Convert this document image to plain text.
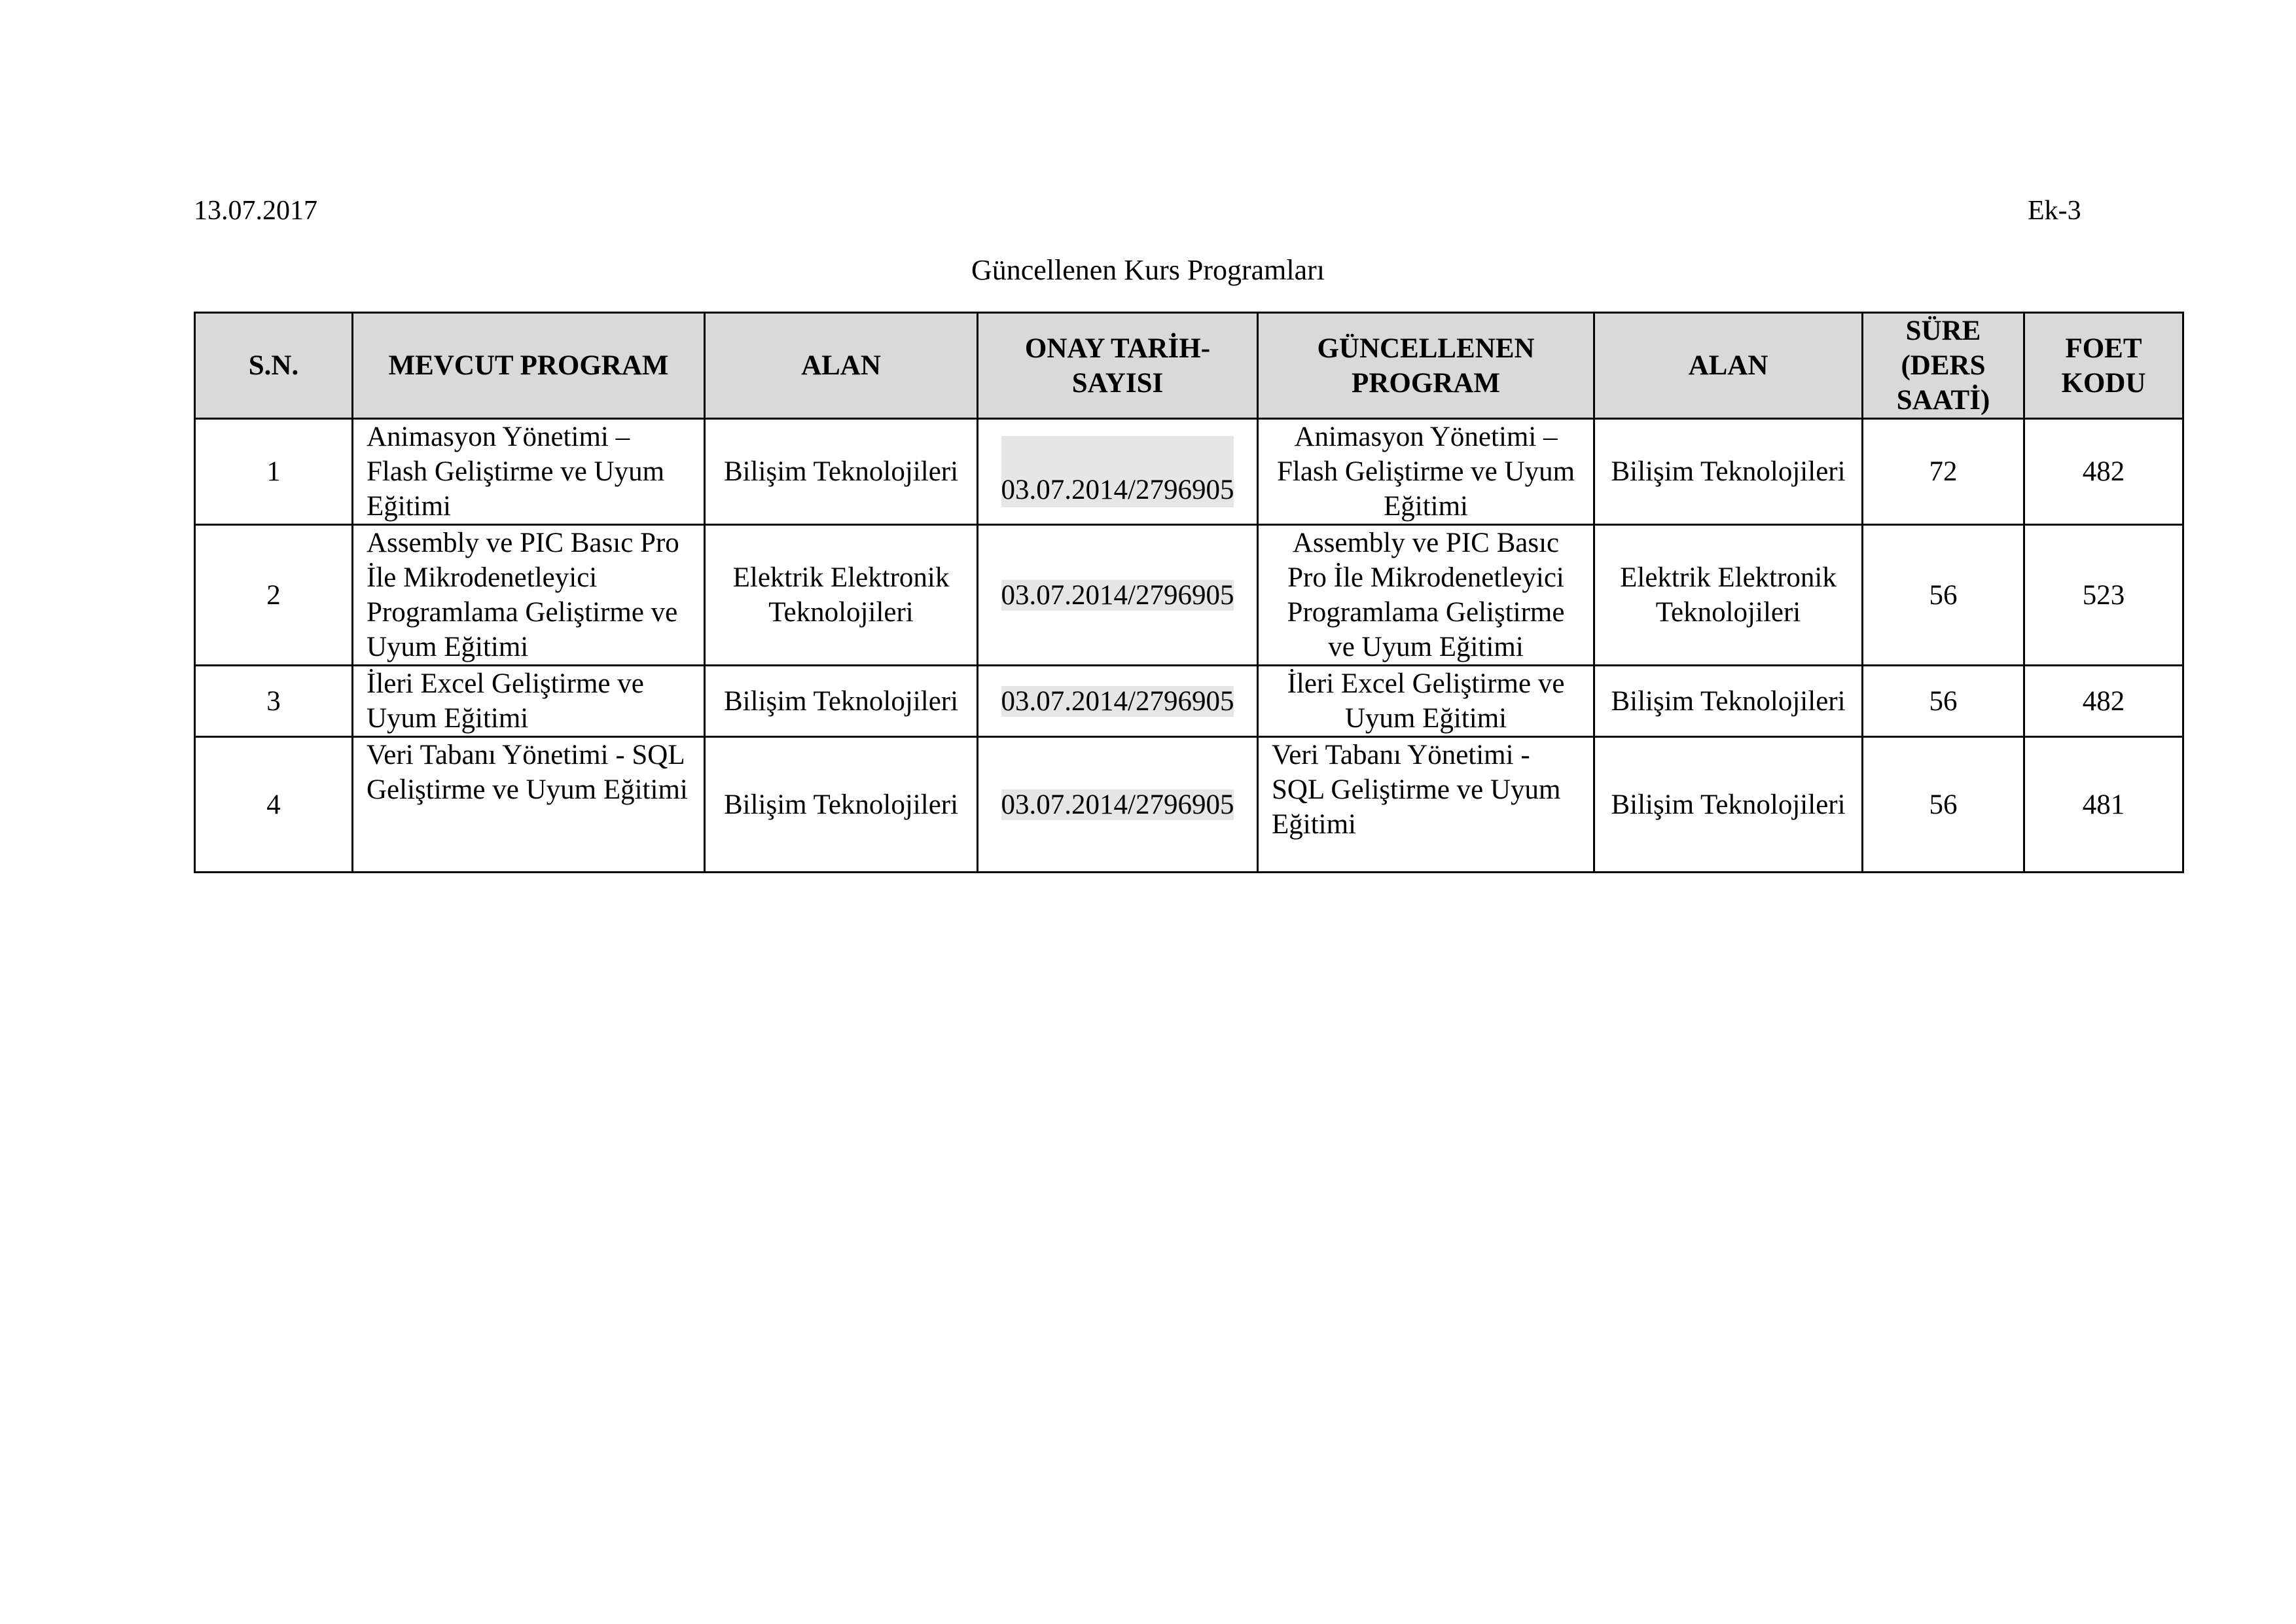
13.07.2017	Ek-3
Güncellenen Kurs Programları
S.N.	MEVCUT PROGRAM	ALAN	ONAY TARİH-SAYISI	GÜNCELLENEN PROGRAM	ALAN	SÜRE (DERS SAATİ)	FOET KODU
1	Animasyon Yönetimi – Flash Geliştirme ve Uyum Eğitimi	Bilişim Teknolojileri	03.07.2014/2796905	Animasyon Yönetimi – Flash Geliştirme ve Uyum Eğitimi	Bilişim Teknolojileri	72	482
2	Assembly ve PIC Basıc Pro İle Mikrodenetleyici Programlama Geliştirme ve Uyum Eğitimi	Elektrik Elektronik Teknolojileri	03.07.2014/2796905	Assembly ve PIC Basıc Pro İle Mikrodenetleyici Programlama Geliştirme ve Uyum Eğitimi	Elektrik Elektronik Teknolojileri	56	523
3	İleri Excel Geliştirme ve Uyum Eğitimi	Bilişim Teknolojileri	03.07.2014/2796905	İleri Excel Geliştirme ve Uyum Eğitimi	Bilişim Teknolojileri	56	482
4	Veri Tabanı Yönetimi - SQL Geliştirme ve Uyum Eğitimi	Bilişim Teknolojileri	03.07.2014/2796905	Veri Tabanı Yönetimi - SQL Geliştirme ve Uyum Eğitimi	Bilişim Teknolojileri	56	481
